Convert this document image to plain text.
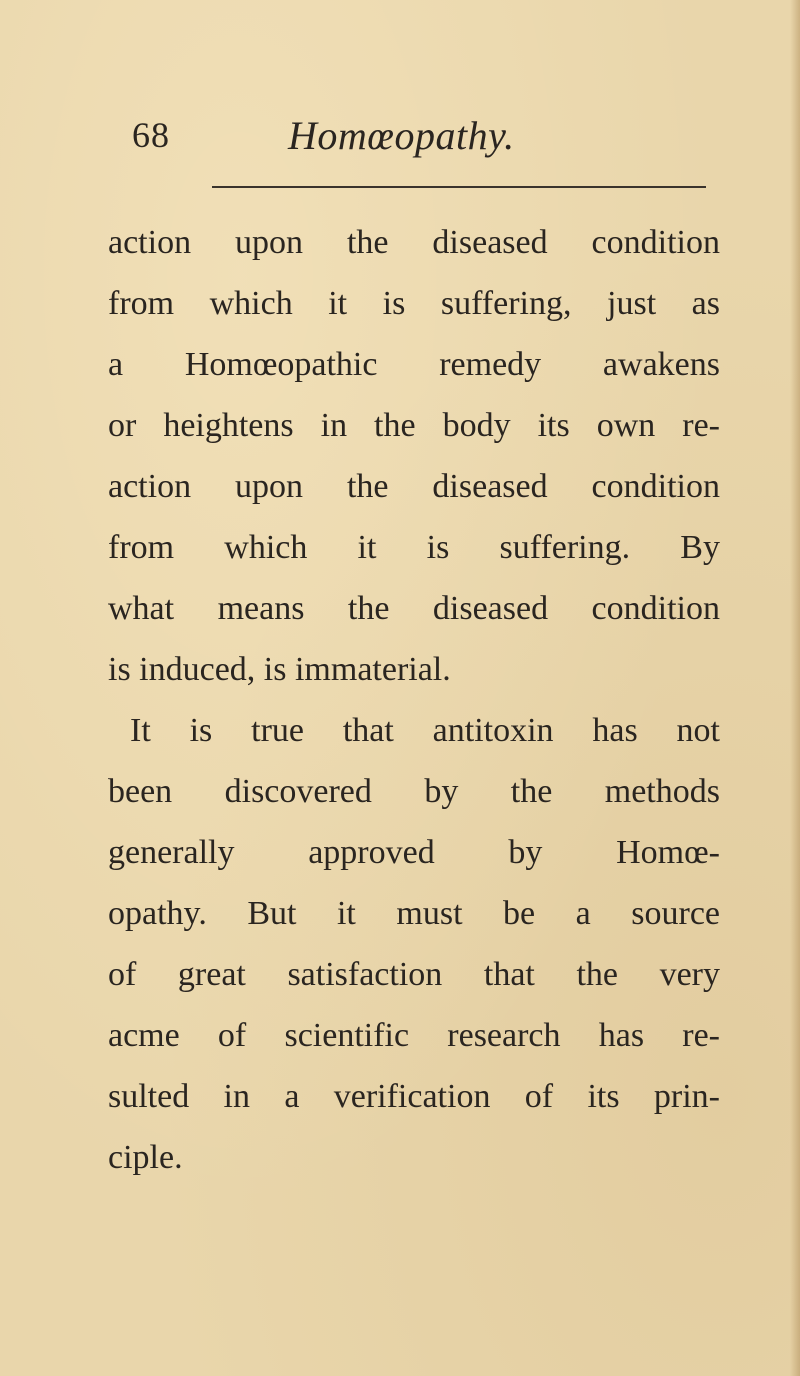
68	Homœopathy.
action upon the diseased condition
from which it is suffering, just as
a Homœopathic remedy awakens
or heightens in the body its own re-
action upon the diseased condition
from which it is suffering. By
what means the diseased condition
is induced, is immaterial.
It is true that antitoxin has not
been discovered by the methods
generally approved by Homœ-
opathy. But it must be a source
of great satisfaction that the very
acme of scientific research has re-
sulted in a verification of its prin-
ciple.
